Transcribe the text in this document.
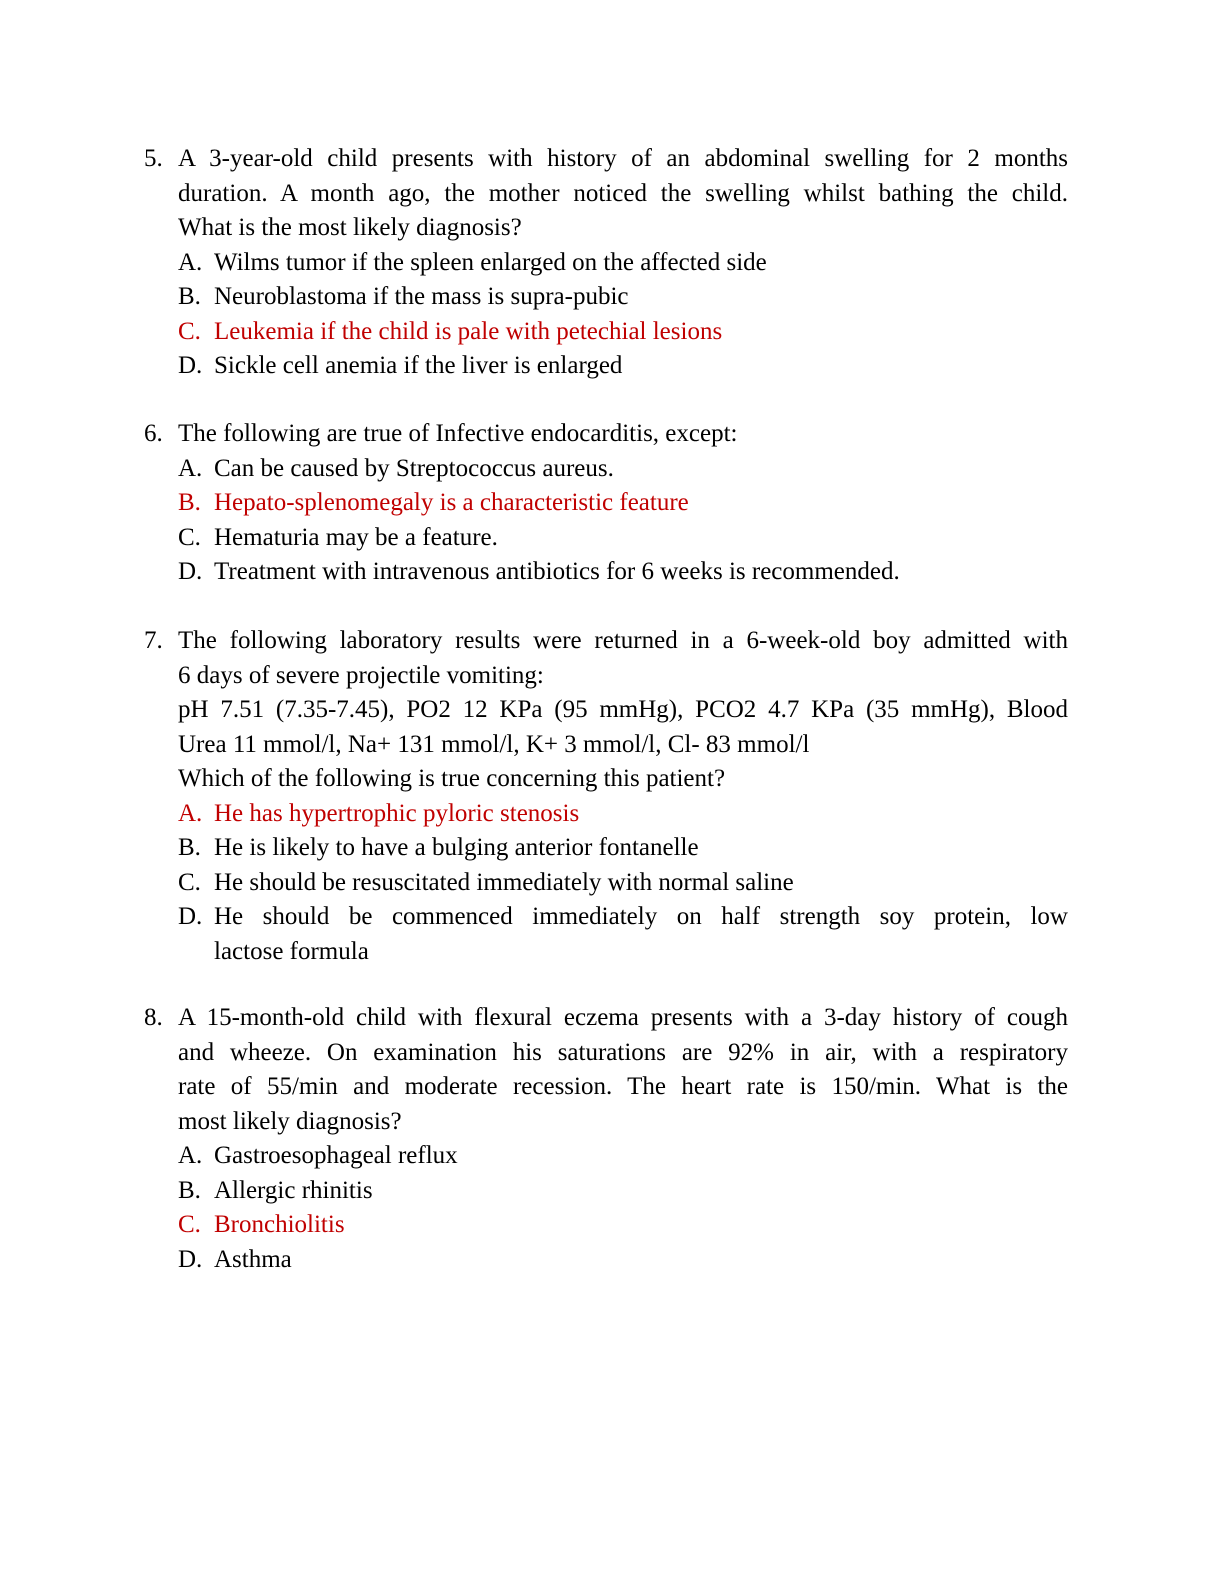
5. A 3-year-old child presents with history of an abdominal swelling for 2 months
duration. A month ago, the mother noticed the swelling whilst bathing the child.
What is the most likely diagnosis?
A. Wilms tumor if the spleen enlarged on the affected side
B. Neuroblastoma if the mass is supra-pubic
C. Leukemia if the child is pale with petechial lesions
D. Sickle cell anemia if the liver is enlarged
6. The following are true of Infective endocarditis, except:
A. Can be caused by Streptococcus aureus.
B. Hepato-splenomegaly is a characteristic feature
C. Hematuria may be a feature.
D. Treatment with intravenous antibiotics for 6 weeks is recommended.
7. The following laboratory results were returned in a 6-week-old boy admitted with
6 days of severe projectile vomiting:
pH 7.51 (7.35-7.45), PO2 12 KPa (95 mmHg), PCO2 4.7 KPa (35 mmHg), Blood
Urea 11 mmol/l, Na+ 131 mmol/l, K+ 3 mmol/l, Cl- 83 mmol/l
Which of the following is true concerning this patient?
A. He has hypertrophic pyloric stenosis
B. He is likely to have a bulging anterior fontanelle
C. He should be resuscitated immediately with normal saline
D. He should be commenced immediately on half strength soy protein, low
lactose formula
8. A 15-month-old child with flexural eczema presents with a 3-day history of cough
and wheeze. On examination his saturations are 92% in air, with a respiratory
rate of 55/min and moderate recession. The heart rate is 150/min. What is the
most likely diagnosis?
A. Gastroesophageal reflux
B. Allergic rhinitis
C. Bronchiolitis
D. Asthma
